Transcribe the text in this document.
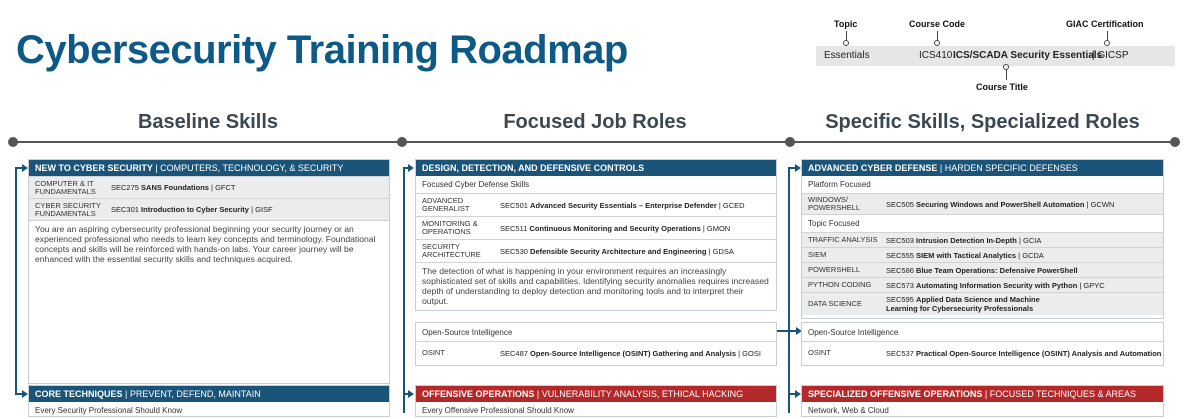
Cybersecurity Training Roadmap
Topic	Course Code	GIAC Certification
Essentials	ICS410 ICS/SCADA Security Essentials
| GICSP
Course Title
Baseline Skills	Focused Job Roles	Specific Skills, Specialized Roles
NEW TO CYBER SECURITY | COMPUTERS, TECHNOLOGY, & SECURITY
COMPUTER & IT FUNDAMENTALS	SEC275 SANS Foundations | GFCT
CYBER SECURITY FUNDAMENTALS	SEC301 Introduction to Cyber Security | GISF
You are an aspiring cybersecurity professional beginning your security journey or an experienced professional who needs to learn key concepts and terminology. Foundational concepts and skills will be reinforced with hands-on labs. Your career journey will be enhanced with the essential security skills and techniques acquired.
CORE TECHNIQUES | PREVENT, DEFEND, MAINTAIN
Every Security Professional Should Know
DESIGN, DETECTION, AND DEFENSIVE CONTROLS
Focused Cyber Defense Skills
ADVANCED GENERALIST	SEC501 Advanced Security Essentials – Enterprise Defender | GCED
MONITORING & OPERATIONS	SEC511 Continuous Monitoring and Security Operations | GMON
SECURITY ARCHITECTURE	SEC530 Defensible Security Architecture and Engineering | GDSA
The detection of what is happening in your environment requires an increasingly sophisticated set of skills and capabilities. Identifying security anomalies requires increased depth of understanding to deploy detection and monitoring tools and to interpret their output.
Open-Source Intelligence
OSINT	SEC487 Open-Source Intelligence (OSINT) Gathering and Analysis | GOSI
OFFENSIVE OPERATIONS | VULNERABILITY ANALYSIS, ETHICAL HACKING
Every Offensive Professional Should Know
ADVANCED CYBER DEFENSE | HARDEN SPECIFIC DEFENSES
Platform Focused
WINDOWS/ POWERSHELL	SEC505 Securing Windows and PowerShell Automation | GCWN
Topic Focused
TRAFFIC ANALYSIS	SEC503 Intrusion Detection In-Depth | GCIA
SIEM	SEC555 SIEM with Tactical Analytics | GCDA
POWERSHELL	SEC586 Blue Team Operations: Defensive PowerShell
PYTHON CODING	SEC573 Automating Information Security with Python | GPYC
DATA SCIENCE	SEC595 Applied Data Science and Machine Learning for Cybersecurity Professionals
Open-Source Intelligence
OSINT	SEC537 Practical Open-Source Intelligence (OSINT) Analysis and Automation
SPECIALIZED OFFENSIVE OPERATIONS | FOCUSED TECHNIQUES & AREAS
Network, Web & Cloud
